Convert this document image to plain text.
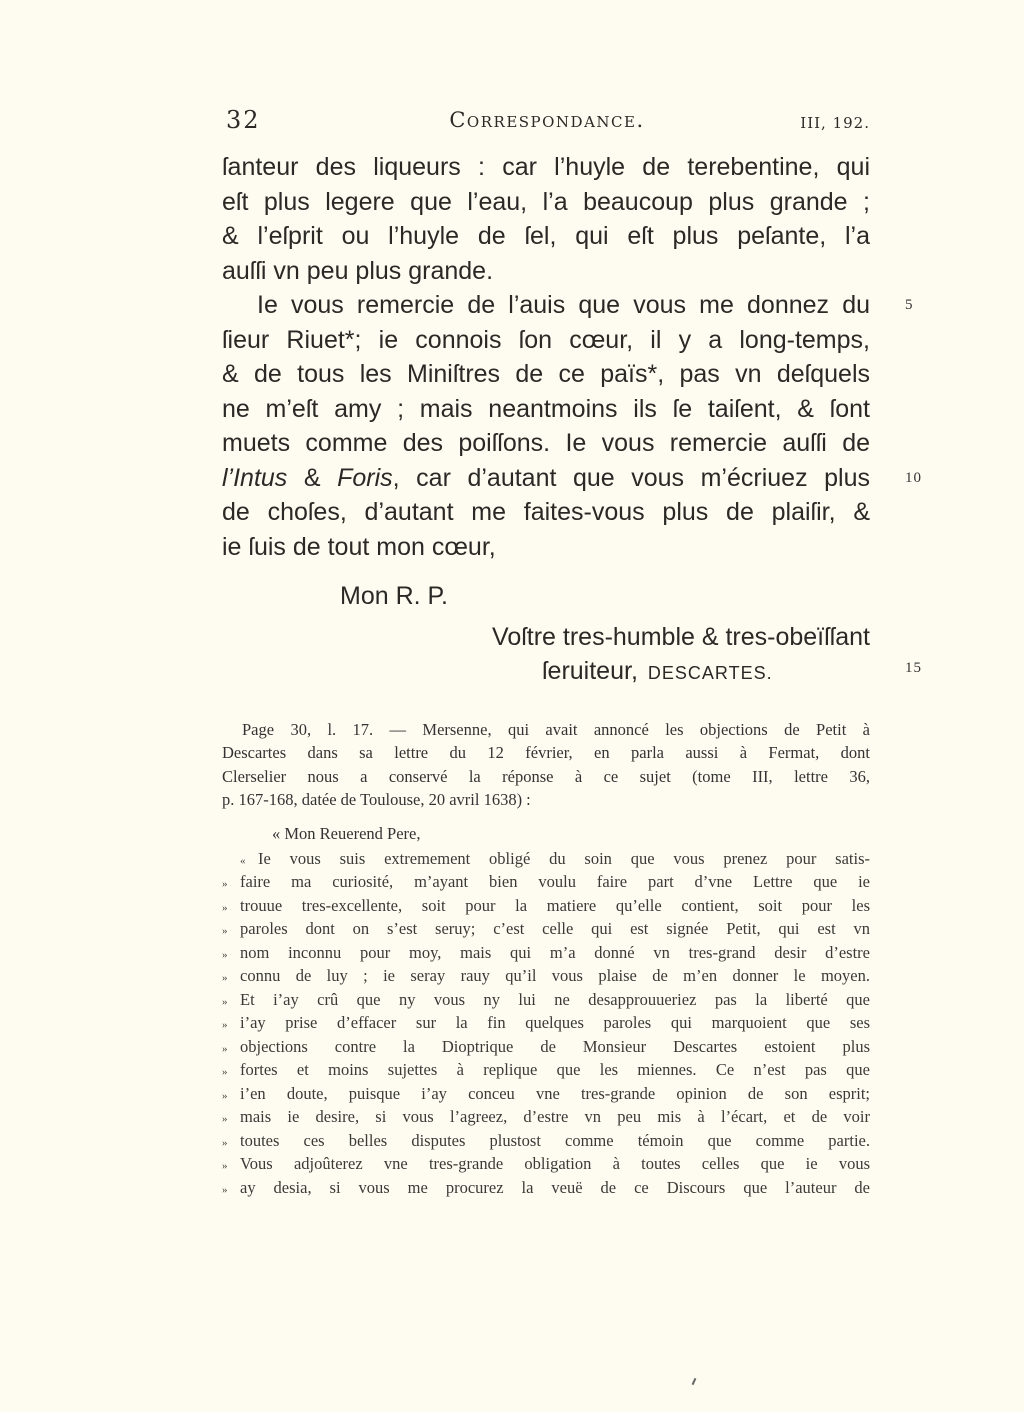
32	Correspondance.	III, 192.
ſanteur des liqueurs : car l’huyle de terebentine, qui
eſt plus legere que l’eau, l’a beaucoup plus grande ;
& l’eſprit ou l’huyle de ſel, qui eſt plus peſante, l’a
auſſi vn peu plus grande.
Ie vous remercie de l’auis que vous me donnez du
ſieur Riuet*; ie connois ſon cœur, il y a long-temps,
& de tous les Miniſtres de ce païs*, pas vn deſquels
ne m’eſt amy ; mais neantmoins ils ſe taiſent, & ſont
muets comme des poiſſons. Ie vous remercie auſſi de
l’Intus & Foris, car d’autant que vous m’écriuez plus
de choſes, d’autant me faites-vous plus de plaiſir, &
ie ſuis de tout mon cœur,
Mon R. P.
Voſtre tres-humble & tres-obeïſſant
ſeruiteur, DESCARTES.
5
10
15
Page 30, l. 17. — Mersenne, qui avait annoncé les objections de Petit à
Descartes dans sa lettre du 12 février, en parla aussi à Fermat, dont
Clerselier nous a conservé la réponse à ce sujet (tome III, lettre 36,
p. 167-168, datée de Toulouse, 20 avril 1638) :
« Mon Reuerend Pere,
« Ie vous suis extremement obligé du soin que vous prenez pour satis-
» faire ma curiosité, m’ayant bien voulu faire part d’vne Lettre que ie
» trouue tres-excellente, soit pour la matiere qu’elle contient, soit pour les
» paroles dont on s’est seruy; c’est celle qui est signée Petit, qui est vn
» nom inconnu pour moy, mais qui m’a donné vn tres-grand desir d’estre
» connu de luy ; ie seray rauy qu’il vous plaise de m’en donner le moyen.
» Et i’ay crû que ny vous ny lui ne desapprouueriez pas la liberté que
» i’ay prise d’effacer sur la fin quelques paroles qui marquoient que ses
» objections contre la Dioptrique de Monsieur Descartes estoient plus
» fortes et moins sujettes à replique que les miennes. Ce n’est pas que
» i’en doute, puisque i’ay conceu vne tres-grande opinion de son esprit;
» mais ie desire, si vous l’agreez, d’estre vn peu mis à l’écart, et de voir
» toutes ces belles disputes plustost comme témoin que comme partie.
» Vous adjoûterez vne tres-grande obligation à toutes celles que ie vous
» ay desia, si vous me procurez la veuë de ce Discours que l’auteur de
